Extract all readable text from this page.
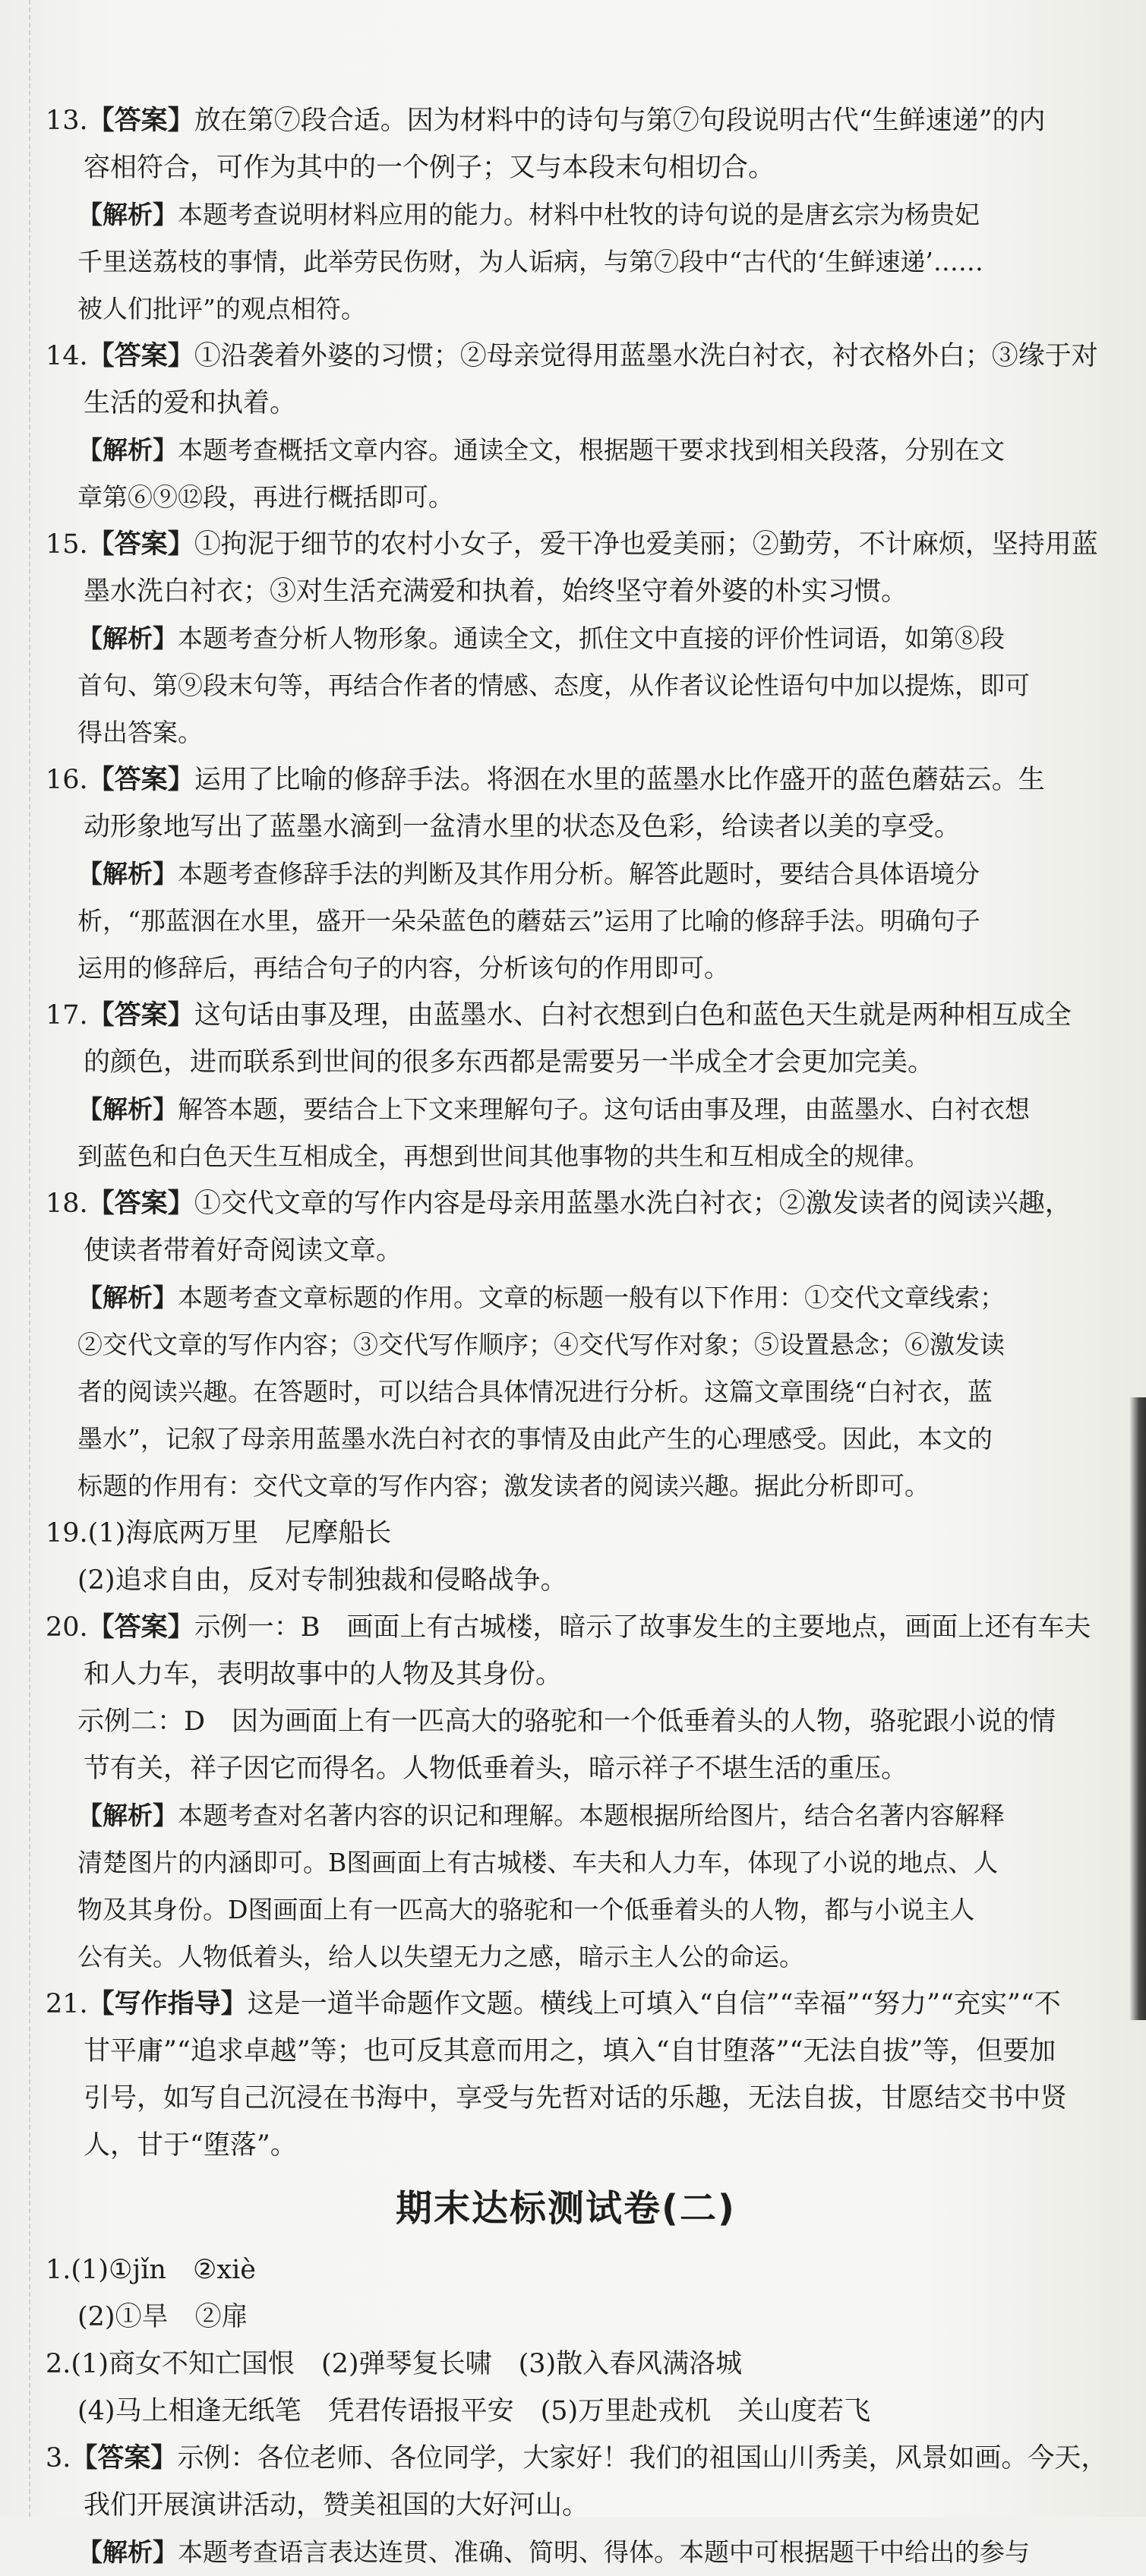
13.【答案】放在第⑦段合适。因为材料中的诗句与第⑦句段说明古代“生鲜速递”的内
容相符合，可作为其中的一个例子；又与本段末句相切合。
【解析】本题考查说明材料应用的能力。材料中杜牧的诗句说的是唐玄宗为杨贵妃
千里送荔枝的事情，此举劳民伤财，为人诟病，与第⑦段中“古代的‘生鲜速递’……
被人们批评”的观点相符。
14.【答案】①沿袭着外婆的习惯；②母亲觉得用蓝墨水洗白衬衣，衬衣格外白；③缘于对
生活的爱和执着。
【解析】本题考查概括文章内容。通读全文，根据题干要求找到相关段落，分别在文
章第⑥⑨⑫段，再进行概括即可。
15.【答案】①拘泥于细节的农村小女子，爱干净也爱美丽；②勤劳，不计麻烦，坚持用蓝
墨水洗白衬衣；③对生活充满爱和执着，始终坚守着外婆的朴实习惯。
【解析】本题考查分析人物形象。通读全文，抓住文中直接的评价性词语，如第⑧段
首句、第⑨段末句等，再结合作者的情感、态度，从作者议论性语句中加以提炼，即可
得出答案。
16.【答案】运用了比喻的修辞手法。将洇在水里的蓝墨水比作盛开的蓝色蘑菇云。生
动形象地写出了蓝墨水滴到一盆清水里的状态及色彩，给读者以美的享受。
【解析】本题考查修辞手法的判断及其作用分析。解答此题时，要结合具体语境分
析，“那蓝洇在水里，盛开一朵朵蓝色的蘑菇云”运用了比喻的修辞手法。明确句子
运用的修辞后，再结合句子的内容，分析该句的作用即可。
17.【答案】这句话由事及理，由蓝墨水、白衬衣想到白色和蓝色天生就是两种相互成全
的颜色，进而联系到世间的很多东西都是需要另一半成全才会更加完美。
【解析】解答本题，要结合上下文来理解句子。这句话由事及理，由蓝墨水、白衬衣想
到蓝色和白色天生互相成全，再想到世间其他事物的共生和互相成全的规律。
18.【答案】①交代文章的写作内容是母亲用蓝墨水洗白衬衣；②激发读者的阅读兴趣，
使读者带着好奇阅读文章。
【解析】本题考查文章标题的作用。文章的标题一般有以下作用：①交代文章线索；
②交代文章的写作内容；③交代写作顺序；④交代写作对象；⑤设置悬念；⑥激发读
者的阅读兴趣。在答题时，可以结合具体情况进行分析。这篇文章围绕“白衬衣，蓝
墨水”，记叙了母亲用蓝墨水洗白衬衣的事情及由此产生的心理感受。因此，本文的
标题的作用有：交代文章的写作内容；激发读者的阅读兴趣。据此分析即可。
19.(1)海底两万里　尼摩船长
(2)追求自由，反对专制独裁和侵略战争。
20.【答案】示例一：B　画面上有古城楼，暗示了故事发生的主要地点，画面上还有车夫
和人力车，表明故事中的人物及其身份。
示例二：D　因为画面上有一匹高大的骆驼和一个低垂着头的人物，骆驼跟小说的情
节有关，祥子因它而得名。人物低垂着头，暗示祥子不堪生活的重压。
【解析】本题考查对名著内容的识记和理解。本题根据所给图片，结合名著内容解释
清楚图片的内涵即可。B图画面上有古城楼、车夫和人力车，体现了小说的地点、人
物及其身份。D图画面上有一匹高大的骆驼和一个低垂着头的人物，都与小说主人
公有关。人物低着头，给人以失望无力之感，暗示主人公的命运。
21.【写作指导】这是一道半命题作文题。横线上可填入“自信”“幸福”“努力”“充实”“不
甘平庸”“追求卓越”等；也可反其意而用之，填入“自甘堕落”“无法自拔”等，但要加
引号，如写自己沉浸在书海中，享受与先哲对话的乐趣，无法自拔，甘愿结交书中贤
人，甘于“堕落”。
期末达标测试卷(二)
1.(1)①jǐn　②xiè
(2)①旱　②扉
2.(1)商女不知亡国恨　(2)弹琴复长啸　(3)散入春风满洛城
(4)马上相逢无纸笔　凭君传语报平安　(5)万里赴戎机　关山度若飞
3.【答案】示例：各位老师、各位同学，大家好！我们的祖国山川秀美，风景如画。今天，
我们开展演讲活动，赞美祖国的大好河山。
【解析】本题考查语言表达连贯、准确、简明、得体。本题中可根据题干中给出的参与
